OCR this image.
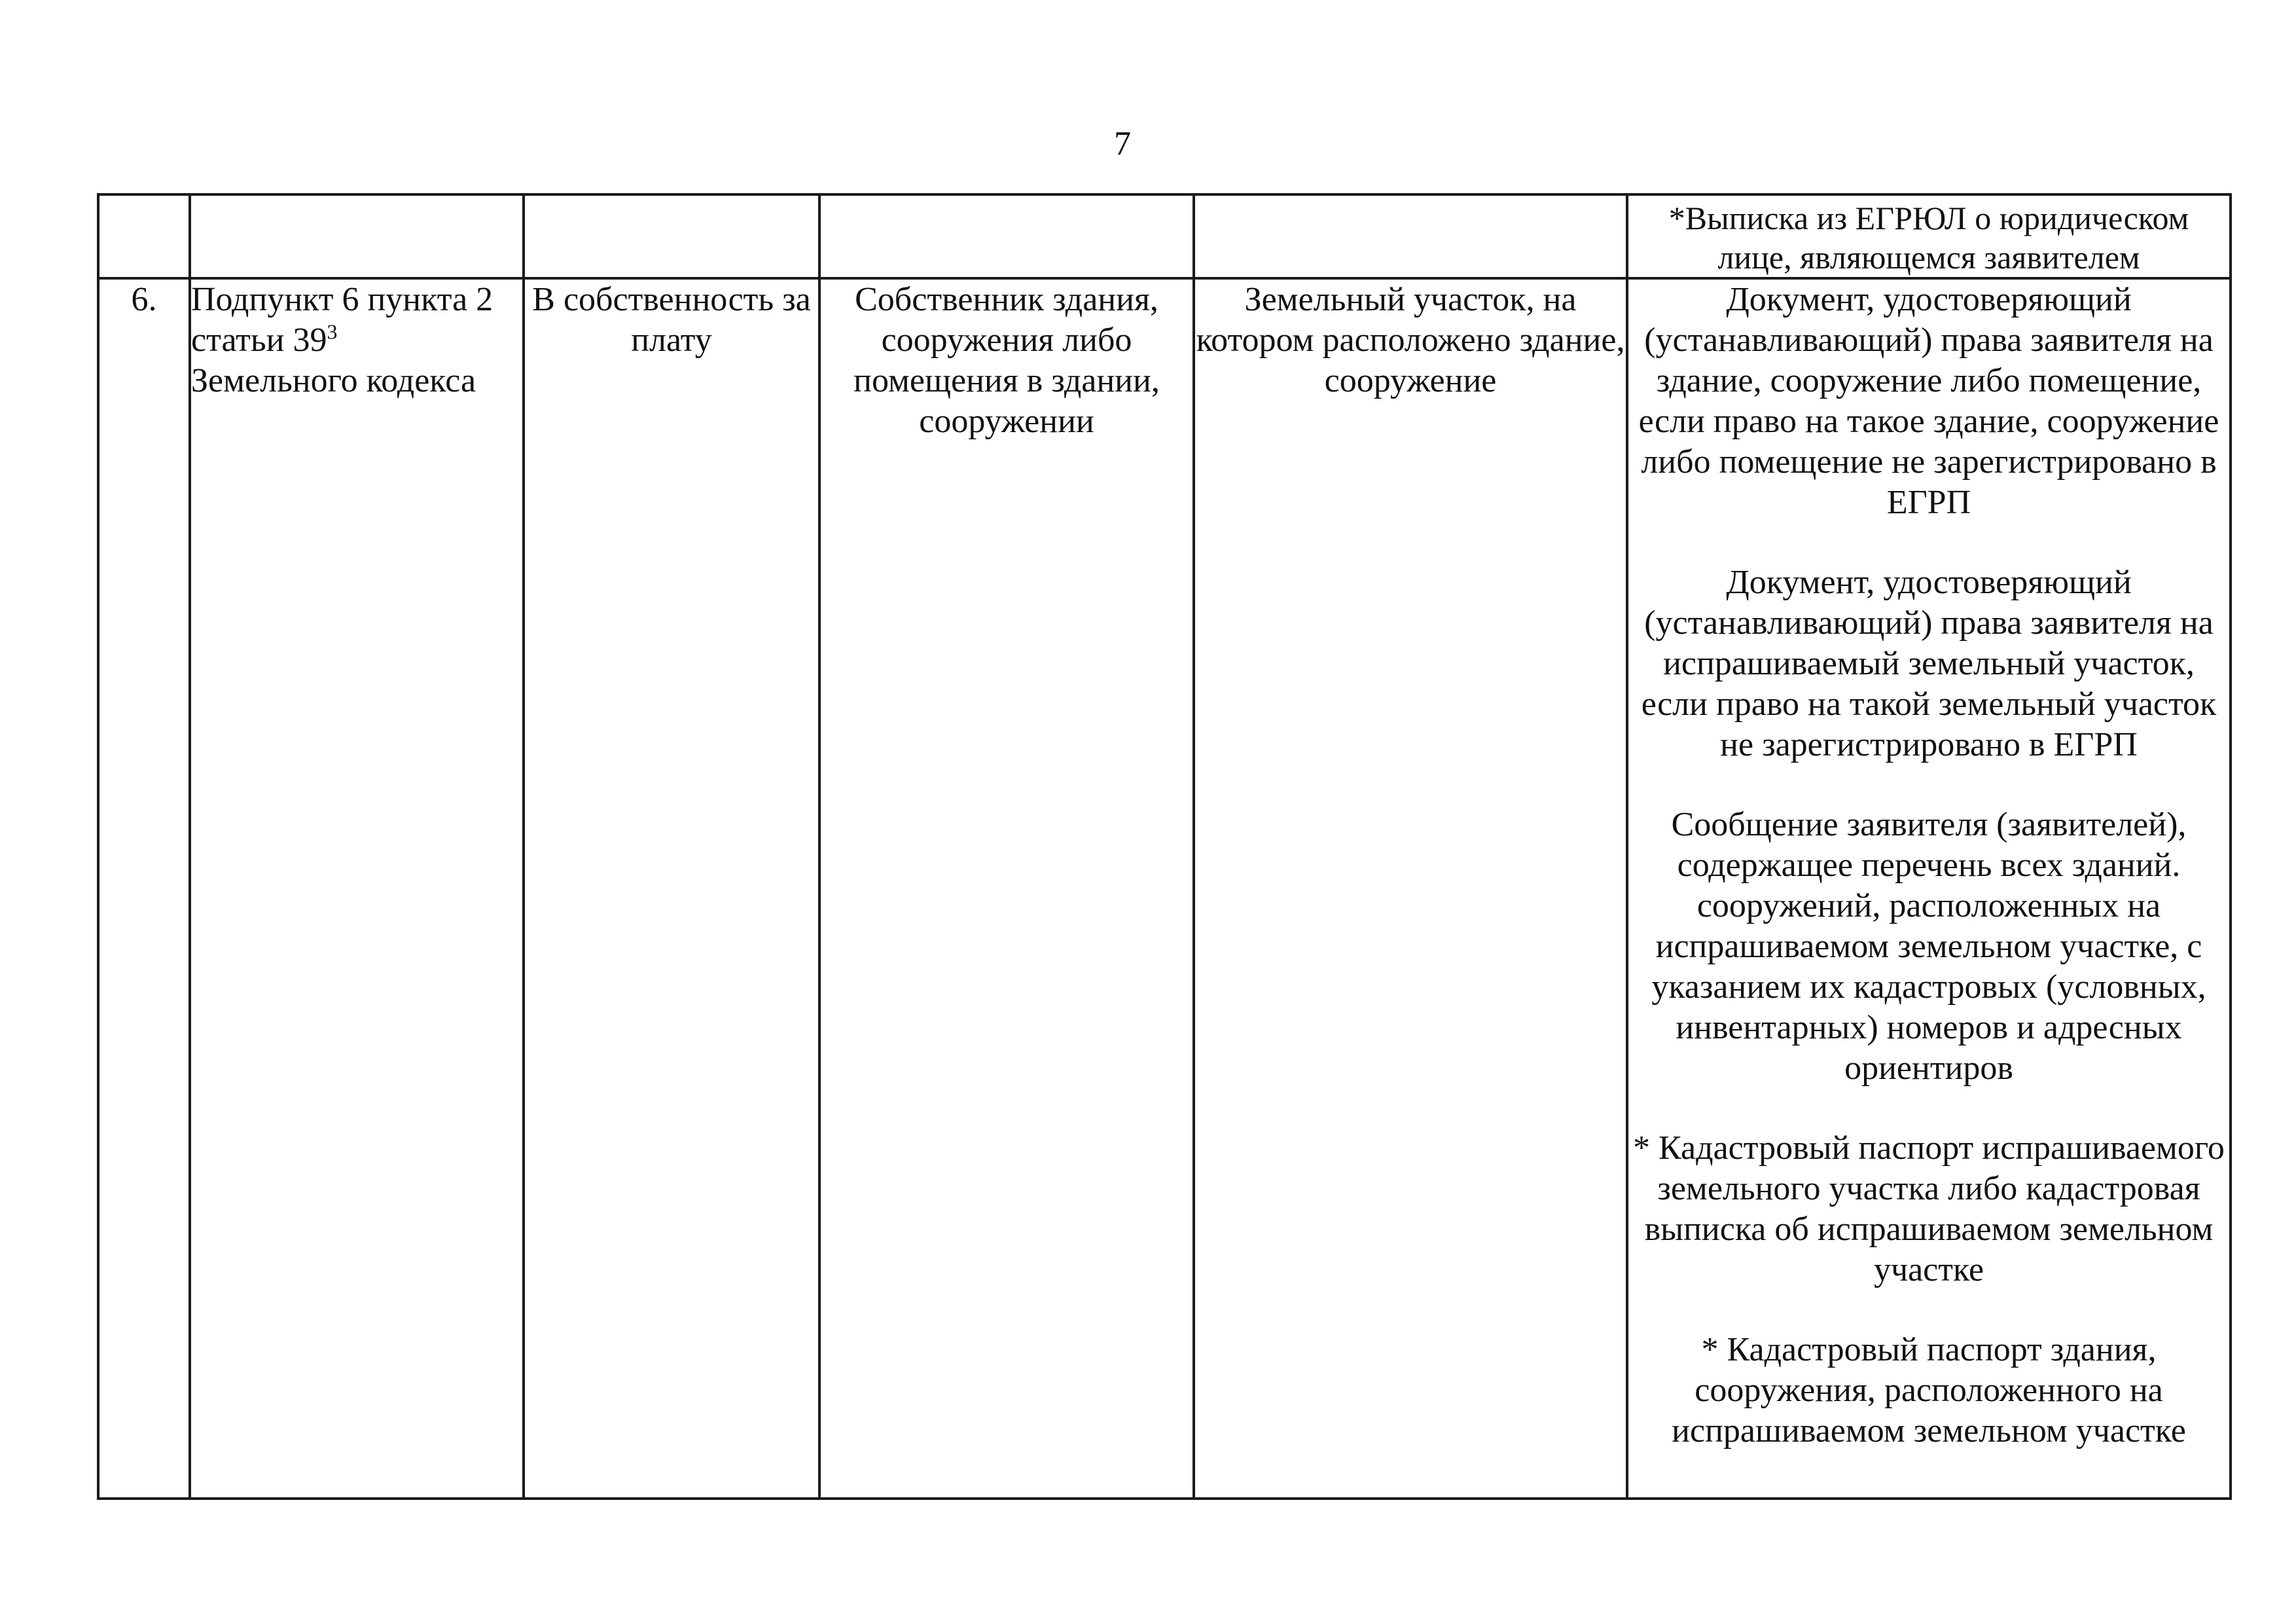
7

					*Выписка из ЕГРЮЛ о юридическом лице, являющемся заявителем

6.	Подпункт 6 пункта 2 статьи $39^3$
Земельного кодекса	В собственность за плату	Собственник здания, сооружения либо помещения в здании, сооружении	Земельный участок, на котором расположено здание, сооружение	Документ, удостоверяющий (устанавливающий) права заявителя на здание, сооружение либо помещение, если право на такое здание, сооружение либо помещение не зарегистрировано в ЕГРП
Документ, удостоверяющий (устанавливающий) права заявителя на испрашиваемый земельный участок, если право на такой земельный участок не зарегистрировано в ЕГРП
Сообщение заявителя (заявителей), содержащее перечень всех зданий. сооружений, расположенных на испрашиваемом земельном участке, с указанием их кадастровых (условных, инвентарных) номеров и адресных ориентиров
* Кадастровый паспорт испрашиваемого земельного участка либо кадастровая выписка об испрашиваемом земельном участке
* Кадастровый паспорт здания, сооружения, расположенного на испрашиваемом земельном участке
